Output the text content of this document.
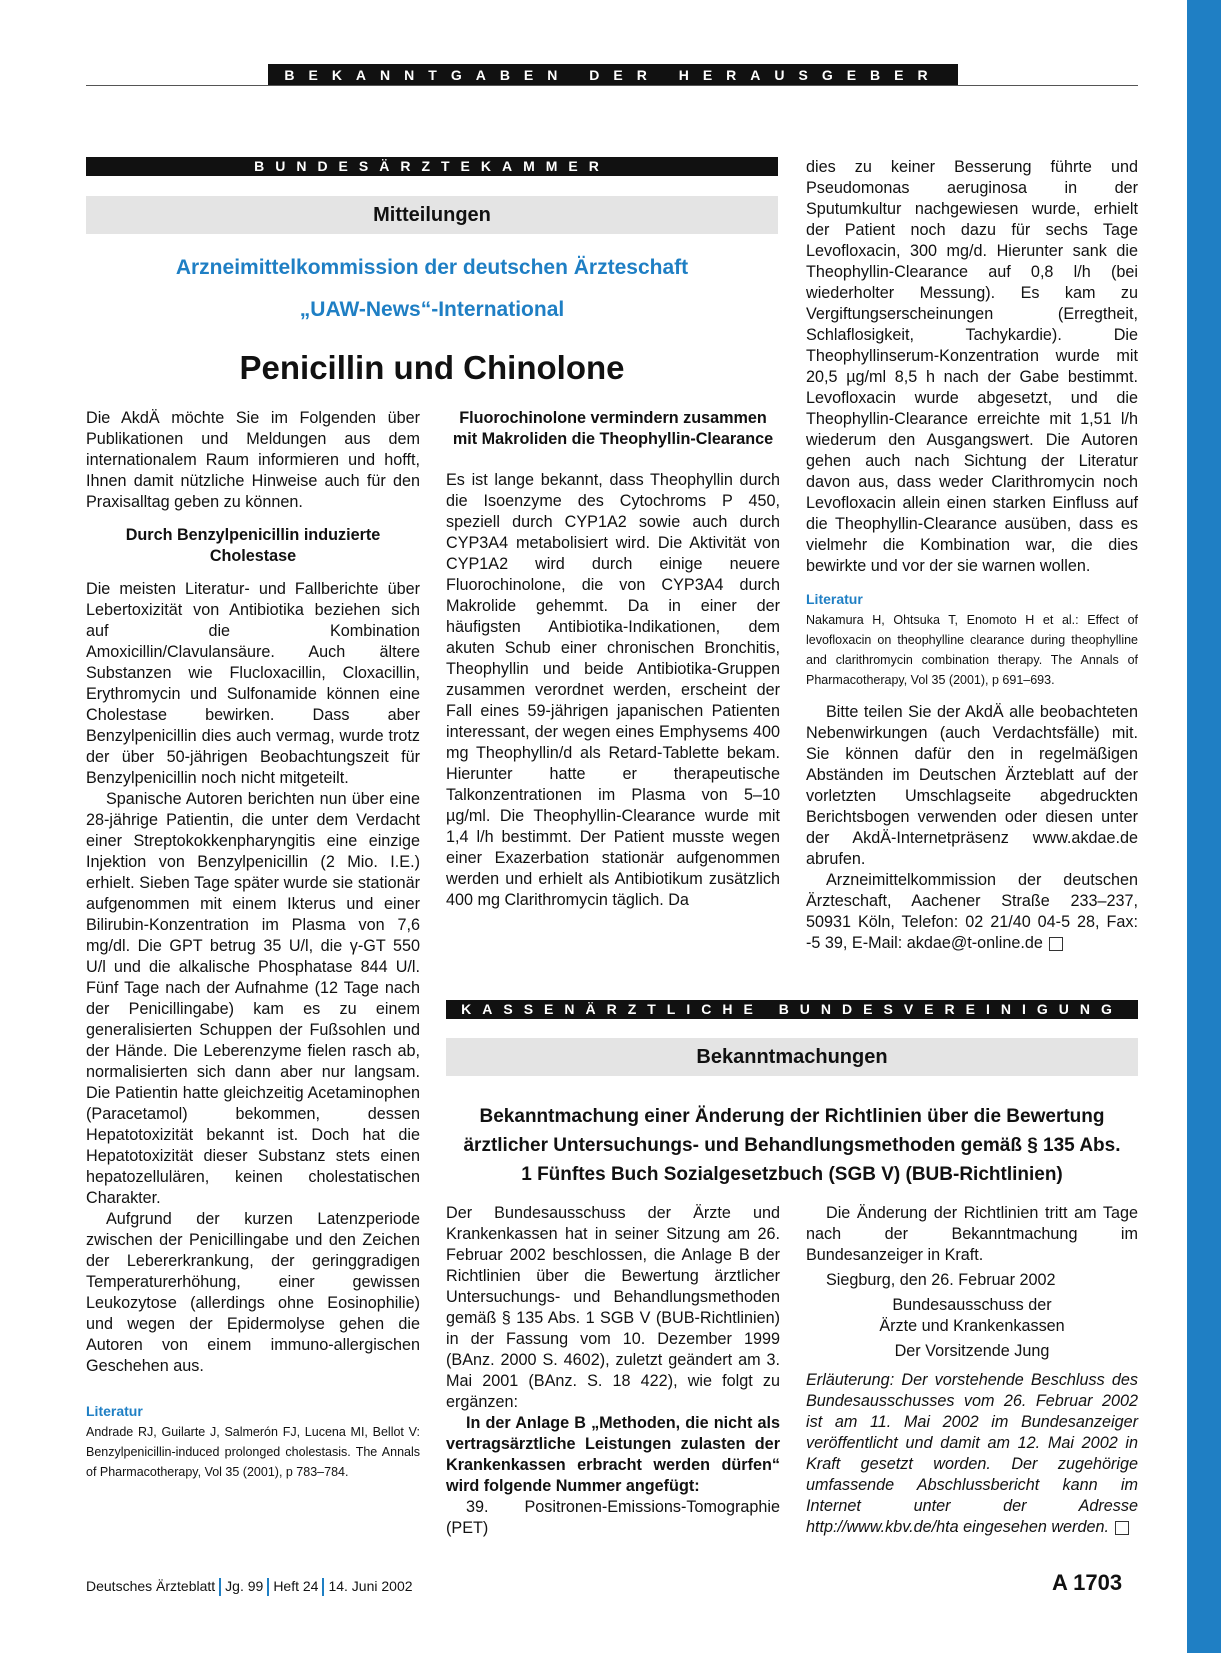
BEKANNTGABEN DER HERAUSGEBER
BUNDESÄRZTEKAMMER
Mitteilungen
Arzneimittelkommission der deutschen Ärzteschaft
„UAW-News“-International
Penicillin und Chinolone

Die AkdÄ möchte Sie im Folgenden über Publikationen und Meldungen aus dem internationalem Raum informieren und hofft, Ihnen damit nützliche Hinweise auch für den Praxisalltag geben zu können.

Durch Benzylpenicillin induzierte Cholestase

Die meisten Literatur- und Fallberichte über Lebertoxizität von Antibiotika beziehen sich auf die Kombination Amoxicillin/Clavulansäure. Auch ältere Substanzen wie Flucloxacillin, Cloxacillin, Erythromycin und Sulfonamide können eine Cholestase bewirken. Dass aber Benzylpenicillin dies auch vermag, wurde trotz der über 50-jährigen Beobachtungszeit für Benzylpenicillin noch nicht mitgeteilt.

Spanische Autoren berichten nun über eine 28-jährige Patientin, die unter dem Verdacht einer Streptokokkenpharyngitis eine einzige Injektion von Benzylpenicillin (2 Mio. I.E.) erhielt. Sieben Tage später wurde sie stationär aufgenommen mit einem Ikterus und einer Bilirubin-Konzentration im Plasma von 7,6 mg/dl. Die GPT betrug 35 U/l, die γ-GT 550 U/l und die alkalische Phosphatase 844 U/l. Fünf Tage nach der Aufnahme (12 Tage nach der Penicillingabe) kam es zu einem generalisierten Schuppen der Fußsohlen und der Hände. Die Leberenzyme fielen rasch ab, normalisierten sich dann aber nur langsam. Die Patientin hatte gleichzeitig Acetaminophen (Paracetamol) bekommen, dessen Hepatotoxizität bekannt ist. Doch hat die Hepatotoxizität dieser Substanz stets einen hepatozellulären, keinen cholestatischen Charakter.

Aufgrund der kurzen Latenzperiode zwischen der Penicillingabe und den Zeichen der Lebererkrankung, der geringgradigen Temperaturerhöhung, einer gewissen Leukozytose (allerdings ohne Eosinophilie) und wegen der Epidermolyse gehen die Autoren von einem immuno-allergischen Geschehen aus.

Literatur

Andrade RJ, Guilarte J, Salmerón FJ, Lucena MI, Bellot V: Benzylpenicillin-induced prolonged cholestasis. The Annals of Pharmacotherapy, Vol 35 (2001), p 783–784.

Fluorochinolone vermindern zusammen mit Makroliden die Theophyllin-Clearance

Es ist lange bekannt, dass Theophyllin durch die Isoenzyme des Cytochroms P 450, speziell durch CYP1A2 sowie auch durch CYP3A4 metabolisiert wird. Die Aktivität von CYP1A2 wird durch einige neuere Fluorochinolone, die von CYP3A4 durch Makrolide gehemmt. Da in einer der häufigsten Antibiotika-Indikationen, dem akuten Schub einer chronischen Bronchitis, Theophyllin und beide Antibiotika-Gruppen zusammen verordnet werden, erscheint der Fall eines 59-jährigen japanischen Patienten interessant, der wegen eines Emphysems 400 mg Theophyllin/d als Retard-Tablette bekam. Hierunter hatte er therapeutische Talkonzentrationen im Plasma von 5–10 µg/ml. Die Theophyllin-Clearance wurde mit 1,4 l/h bestimmt. Der Patient musste wegen einer Exazerbation stationär aufgenommen werden und erhielt als Antibiotikum zusätzlich 400 mg Clarithromycin täglich. Da

dies zu keiner Besserung führte und Pseudomonas aeruginosa in der Sputumkultur nachgewiesen wurde, erhielt der Patient noch dazu für sechs Tage Levofloxacin, 300 mg/d. Hierunter sank die Theophyllin-Clearance auf 0,8 l/h (bei wiederholter Messung). Es kam zu Vergiftungserscheinungen (Erregtheit, Schlaflosigkeit, Tachykardie). Die Theophyllinserum-Konzentration wurde mit 20,5 µg/ml 8,5 h nach der Gabe bestimmt. Levofloxacin wurde abgesetzt, und die Theophyllin-Clearance erreichte mit 1,51 l/h wiederum den Ausgangswert. Die Autoren gehen auch nach Sichtung der Literatur davon aus, dass weder Clarithromycin noch Levofloxacin allein einen starken Einfluss auf die Theophyllin-Clearance ausüben, dass es vielmehr die Kombination war, die dies bewirkte und vor der sie warnen wollen.

Literatur

Nakamura H, Ohtsuka T, Enomoto H et al.: Effect of levofloxacin on theophylline clearance during theophylline and clarithromycin combination therapy. The Annals of Pharmacotherapy, Vol 35 (2001), p 691–693.

Bitte teilen Sie der AkdÄ alle beobachteten Nebenwirkungen (auch Verdachtsfälle) mit. Sie können dafür den in regelmäßigen Abständen im Deutschen Ärzteblatt auf der vorletzten Umschlagseite abgedruckten Berichtsbogen verwenden oder diesen unter der AkdÄ-Internetpräsenz www.akdae.de abrufen.

Arzneimittelkommission der deutschen Ärzteschaft, Aachener Straße 233–237, 50931 Köln, Telefon: 02 21/40 04-5 28, Fax: -5 39, E-Mail: akdae@t-online.de

KASSENÄRZTLICHE BUNDESVEREINIGUNG
Bekanntmachungen
Bekanntmachung einer Änderung der Richtlinien über die Bewertung ärztlicher Untersuchungs- und Behandlungsmethoden gemäß § 135 Abs. 1 Fünftes Buch Sozialgesetzbuch (SGB V) (BUB-Richtlinien)

Der Bundesausschuss der Ärzte und Krankenkassen hat in seiner Sitzung am 26. Februar 2002 beschlossen, die Anlage B der Richtlinien über die Bewertung ärztlicher Untersuchungs- und Behandlungsmethoden gemäß § 135 Abs. 1 SGB V (BUB-Richtlinien) in der Fassung vom 10. Dezember 1999 (BAnz. 2000 S. 4602), zuletzt geändert am 3. Mai 2001 (BAnz. S. 18 422), wie folgt zu ergänzen:

In der Anlage B „Methoden, die nicht als vertragsärztliche Leistungen zulasten der Krankenkassen erbracht werden dürfen“ wird folgende Nummer angefügt:

39. Positronen-Emissions-Tomographie (PET)

Die Änderung der Richtlinien tritt am Tage nach der Bekanntmachung im Bundesanzeiger in Kraft.

Siegburg, den 26. Februar 2002

Bundesausschuss der

Ärzte und Krankenkassen

Der Vorsitzende Jung

Erläuterung: Der vorstehende Beschluss des Bundesausschusses vom 26. Februar 2002 ist am 11. Mai 2002 im Bundesanzeiger veröffentlicht und damit am 12. Mai 2002 in Kraft gesetzt worden. Der zugehörige umfassende Abschlussbericht kann im Internet unter der Adresse http://www.kbv.de/hta eingesehen werden.

Deutsches Ärzteblatt Jg. 99 Heft 24 14. Juni 2002	A 1703
